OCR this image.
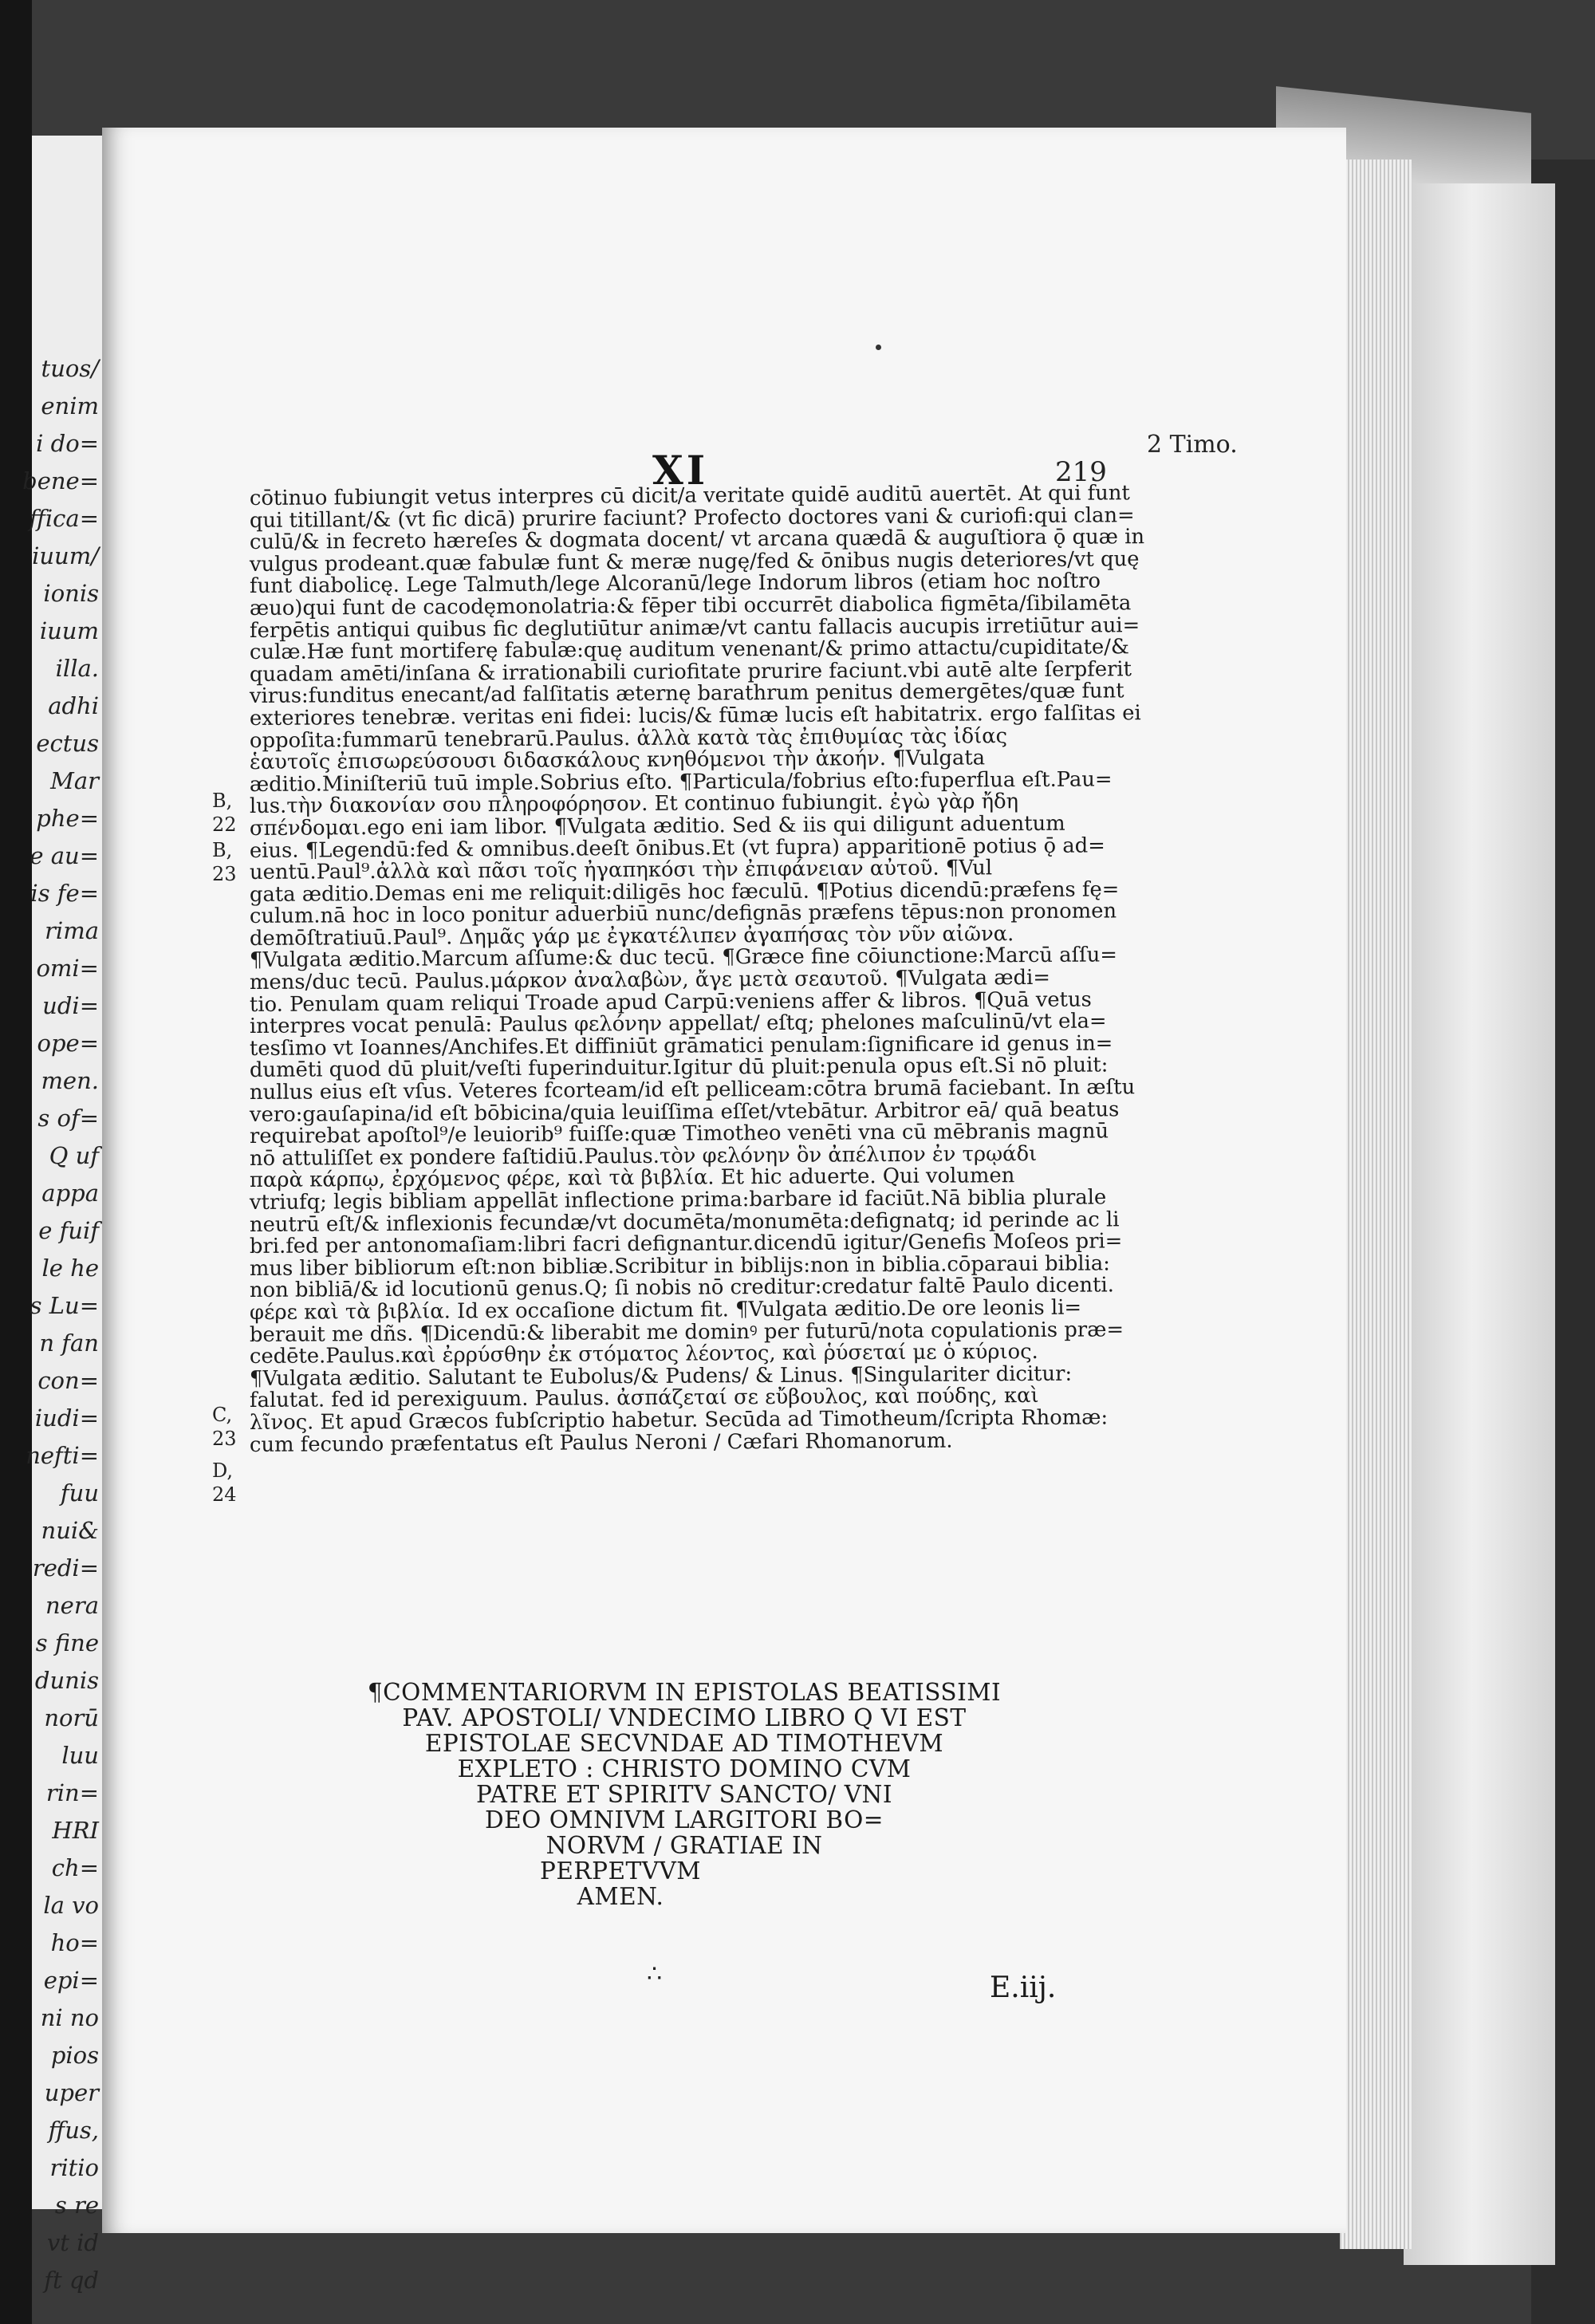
tuos/

enim

i do=

bene=

ffica=

iuum/

ionis

iuum

illa.

adhi

ectus

Mar

phe=

e au=

is fe=

rima

omi=

udi=

ope=

men.

s of=

Q uf

appa

e fuif

le he

s Lu=

n fan

con=

iudi=

nefti=

fuu

nui&

redi=

nera

s fine

dunis

norū

luu

rin=

HRI

ch=

la vo

ho=

epi=

ni no

pios

uper

ffus,

ritio

s re

vt id

ft qd

XI	219

2 Timo.

B,

22

B,

23

C,

23

D,

24

cōtinuo fubiungit vetus interpres cū dicit/a veritate quidē auditū auertēt. At qui funt

qui titillant/& (vt fic dicā) prurire faciunt? Profecto doctores vani & curiofi:qui clan=

culū/& in fecreto hæreſes & dogmata docent/ vt arcana quædā & auguſtiora ǭ quæ in

vulgus prodeant.quæ fabulæ funt & meræ nugę/fed & ōnibus nugis deteriores/vt quę

funt diabolicę. Lege Talmuth/lege Alcoranū/lege Indorum libros (etiam hoc noſtro

æuo)qui funt de cacodęmonolatria:& fēper tibi occurrēt diabolica figmēta/ſibilamēta

ferpētis antiqui quibus fic deglutiūtur animæ/vt cantu fallacis aucupis irretiūtur aui=

culæ.Hæ funt mortiferę fabulæ:quę auditum venenant/& primo attactu/cupiditate/&

quadam amēti/inſana & irrationabili curiofitate prurire faciunt.vbi autē alte ſerpferit

virus:funditus enecant/ad falſitatis æternę barathrum penitus demergētes/quæ funt

exteriores tenebræ. veritas eni fidei: lucis/& fūmæ lucis eſt habitatrix. ergo falſitas ei

oppoſita:fummarū tenebrarū.Paulus. ἀλλὰ κατὰ τὰς ἐπιθυμίας τὰς ἰδίας

ἑαυτοῖς ἐπισωρεύσουσι διδασκάλους κνηθόμενοι τὴν ἀκοήν. ¶Vulgata

æditio.Miniſteriū tuū imple.Sobrius eſto. ¶Particula/fobrius eſto:fuperflua eſt.Pau=

lus.τὴν διακονίαν σου πληροφόρησον. Et continuo fubiungit. ἐγὼ γὰρ ἤδη

σπένδομαι.ego eni iam libor. ¶Vulgata æditio. Sed & iis qui diligunt aduentum

eius. ¶Legendū:fed & omnibus.deeſt ōnibus.Et (vt fupra) apparitionē potius ǭ ad=

uentū.Paul⁹.ἀλλὰ καὶ πᾶσι τοῖς ἠγαπηκόσι τὴν ἐπιφάνειαν αὐτοῦ. ¶Vul

gata æditio.Demas eni me reliquit:diligēs hoc fæculū. ¶Potius dicendū:præfens fę=

culum.nā hoc in loco ponitur aduerbiū nunc/defignās præfens tēpus:non pronomen

demōſtratiuū.Paul⁹. Δημᾶς γάρ με ἐγκατέλιπεν ἀγαπήσας τὸν νῦν αἰῶνα.

¶Vulgata æditio.Marcum aſſume:& duc tecū. ¶Græce fine cōiunctione:Marcū aſſu=

mens/duc tecū. Paulus.μάρκον ἀναλαβὼν, ἄγε μετὰ σεαυτοῦ. ¶Vulgata ædi=

tio. Penulam quam reliqui Troade apud Carpū:veniens affer & libros. ¶Quā vetus

interpres vocat penulā: Paulus φελόνην appellat/ eſtq; phelones maſculinū/vt ela=

tesſimo vt Ioannes/Anchifes.Et diffiniūt grāmatici penulam:ſignificare id genus in=

dumēti quod dū pluit/veſti fuperinduitur.Igitur dū pluit:penula opus eſt.Si nō pluit:

nullus eius eſt vſus. Veteres fcorteam/id eſt pelliceam:cōtra brumā faciebant. In æſtu

vero:gauſapina/id eſt bōbicina/quia leuiſſima eſſet/vtebātur. Arbitror eā/ quā beatus

requirebat apoſtol⁹/e leuiorib⁹ fuiſſe:quæ Timotheo venēti vna cū mēbranis magnū

nō attuliſſet ex pondere faſtidiū.Paulus.τὸν φελόνην ὃν ἀπέλιπον ἐν τρῳάδι

παρὰ κάρπῳ, ἐρχόμενος φέρε, καὶ τὰ βιβλία. Et hic aduerte. Qui volumen

vtriufq; legis bibliam appellāt inflectione prima:barbare id faciūt.Nā biblia plurale

neutrū eſt/& inflexionis fecundæ/vt documēta/monumēta:defignatq; id perinde ac li

bri.fed per antonomaſiam:libri facri defignantur.dicendū igitur/Genefis Moſeos pri=

mus liber bibliorum eſt:non bibliæ.Scribitur in biblijs:non in biblia.cōparaui biblia:

non bibliā/& id locutionū genus.Q; ſi nobis nō creditur:credatur faltē Paulo dicenti.

φέρε καὶ τὰ βιβλία. Id ex occaſione dictum fit. ¶Vulgata æditio.De ore leonis li=

berauit me dñs. ¶Dicendū:& liberabit me dominꝰ per futurū/nota copulationis præ=

cedēte.Paulus.καὶ ἐρρύσθην ἐκ στόματος λέοντος, καὶ ῥύσεταί με ὁ κύριος.

¶Vulgata æditio. Salutant te Eubolus/& Pudens/ & Linus. ¶Singulariter dicitur:

falutat. fed id perexiguum. Paulus. ἀσπάζεταί σε εὔβουλος, καὶ πούδης, καὶ

λῖνος. Et apud Græcos fubſcriptio habetur. Secūda ad Timotheum/ſcripta Rhomæ:

cum fecundo præfentatus eſt Paulus Neroni / Cæfari Rhomanorum.

¶COMMENTARIORVM IN EPISTOLAS BEATISSIMI

PAV. APOSTOLI/ VNDECIMO LIBRO Q VI EST

EPISTOLAE SECVNDAE AD TIMOTHEVM

EXPLETO : CHRISTO DOMINO CVM

PATRE ET SPIRITV SANCTO/ VNI

DEO OMNIVM LARGITORI BO=

NORVM / GRATIAE IN

PERPETVVM

AMEN.

∴	E.iij.
